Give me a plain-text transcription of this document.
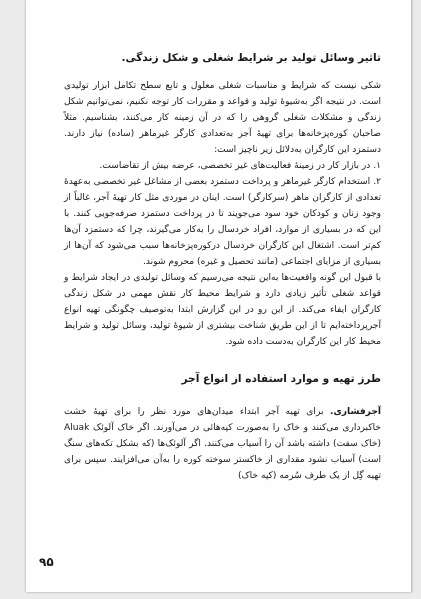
تاثیر وسائل تولید بر شرایط شغلی و شکل زندگی.

شکی نیست که شرایط و مناسبات شغلی معلول و تابع سطح تکامل ابزار تولیدی است. در نتیجه اگر به‌شیوهٔ تولید و قواعد و مقررات کار توجه نکنیم، نمی‌توانیم شکل زندگی و مشکلات شغلی گروهی را که در آن زمینه کار می‌کنند، بشناسیم. مثلاً صاحبان کوره‌پزخانه‌ها برای تهیهٔ آجر به‌تعدادی کارگر غیرماهر (ساده) نیاز دارند. دستمزد این کارگران به‌دلائل زیر ناچیز است:

۱. در بازار کار در زمینهٔ فعالیت‌های غیر تخصصی، عرضه بیش از تقاضاست.

۲. استخدام کارگر غیرماهر و پرداخت دستمزد بعضی از مشاغل غیر تخصصی به‌عهدهٔ تعدادی از کارگران ماهر (سرکارگر) است. اینان در موردی مثل کار تهیهٔ آجر، غالباً از وجود زنان و کودکان خود سود می‌جویند تا در پرداخت دستمزد صرفه‌جویی کنند. با این که در بسیاری از موارد، افراد خردسال را به‌کار می‌گیرند، چرا که دستمزد آن‌ها کم‌تر است. اشتغال این کارگران خردسال درکوره‌پزخانه‌ها سبب می‌شود که آن‌ها از بسیاری از مزایای اجتماعی (مانند تحصیل و غیره) محروم شوند.

با قبول این گونه واقعیت‌ها به‌این نتیجه می‌رسیم که وسائل تولیدی در ایجاد شرایط و قواعد شغلی تأثیر زیادی دارد و شرایط محیط کار نقش مهمی در شکل زندگی کارگران ایفاء می‌کند. از این رو در این گزارش ابتدا به‌توصیف چگونگی تهیه انواع آجرپرداخته‌ایم تا از این طریق شناخت بیشتری از شیوهٔ تولید، وسائل تولید و شرایط محیط کار این کارگران به‌دست داده شود.

طرز تهیه و موارد استفاده از انواع آجر

آجرفشاری. برای تهیه آجر ابتداء میدان‌های مورد نظر را برای تهیهٔ خشت خاکبرداری می‌کنند و خاک را به‌صورت کپه‌هائی در می‌آورند. اگر خاک آلوئک Aluak (خاک سفت) داشته باشد آن را آسیاب می‌کنند. اگر آلوئک‌ها (که بشکل تکه‌های سنگ است) آسیاب نشود مقداری از خاکستر سوخته کوره را به‌آن می‌افزایند. سپس برای تهیه گِل از یک طرف سُرمه (کپه خاک)

۹۵
